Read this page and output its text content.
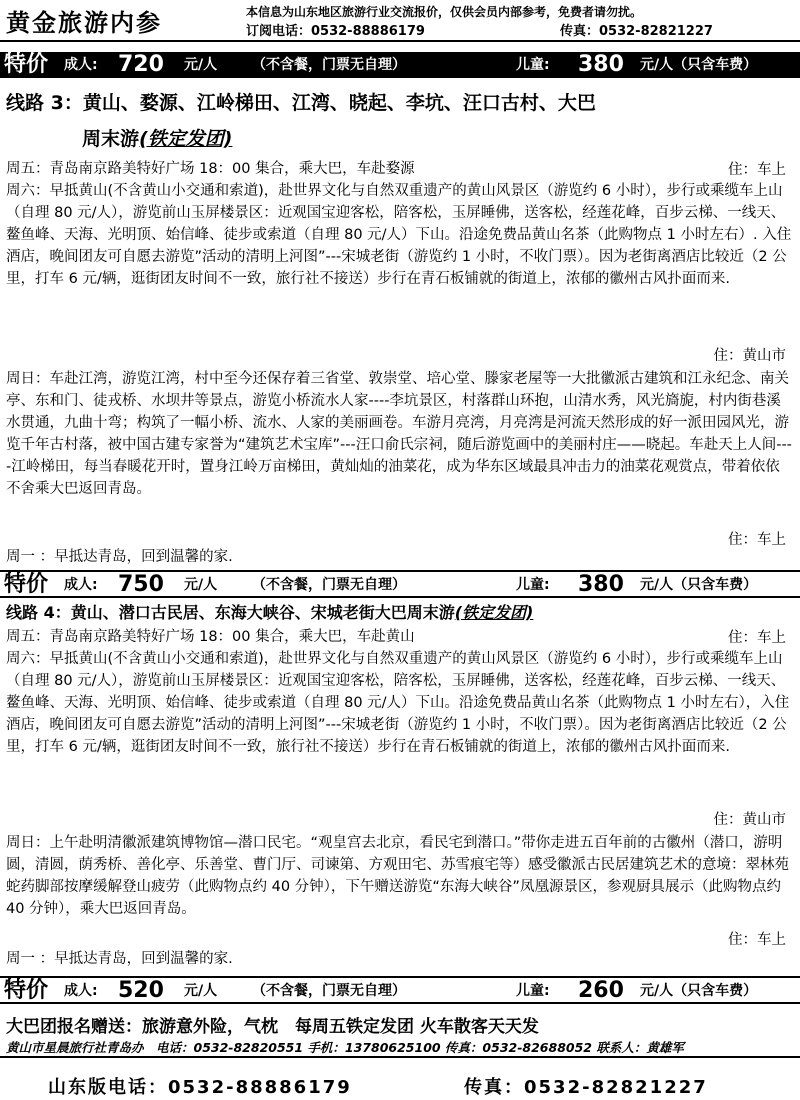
黄金旅游内参	本信息为山东地区旅游行业交流报价，仅供会员内部参考，免费者请勿扰。
订阅电话：0532-88886179	传真：0532-82821227
特价 成人: 720 元/人 （不含餐，门票无自理）	儿童: 380 元/人（只含车费）
线路 3：黄山、婺源、江岭梯田、江湾、晓起、李坑、汪口古村、大巴
周末游(铁定发团)
周五：青岛南京路美特好广场 18：00 集合，乘大巴，车赴婺源	住：车上
周六：早抵黄山(不含黄山小交通和索道)，赴世界文化与自然双重遗产的黄山风景区（游览约 6 小时），步行或乘缆车上山（自理 80 元/人），游览前山玉屏楼景区：近观国宝迎客松，陪客松，玉屏睡佛，送客松，经莲花峰，百步云梯、一线天、鳌鱼峰、天海、光明顶、始信峰、徒步或索道（自理 80 元/人）下山。沿途免费品黄山名茶（此购物点 1 小时左右）. 入住酒店，晚间团友可自愿去游览”活动的清明上河图”---宋城老街（游览约 1 小时，不收门票）。因为老街离酒店比较近（2 公里，打车 6 元/辆，逛街团友时间不一致，旅行社不接送）步行在青石板铺就的街道上，浓郁的徽州古风扑面而来.
住：黄山市
周日：车赴江湾，游览江湾，村中至今还保存着三省堂、敦崇堂、培心堂、滕家老屋等一大批徽派古建筑和江永纪念、南关亭、东和门、徒戎桥、水坝井等景点，游览小桥流水人家----李坑景区，村落群山环抱，山清水秀，风光旖旎，村内街巷溪水贯通，九曲十弯；构筑了一幅小桥、流水、人家的美丽画卷。车游月亮湾，月亮湾是河流天然形成的好一派田园风光，游览千年古村落，被中国古建专家誉为“建筑艺术宝库”---汪口俞氏宗祠，随后游览画中的美丽村庄——晓起。车赴天上人间----江岭梯田，每当春暖花开时，置身江岭万亩梯田，黄灿灿的油菜花，成为华东区域最具冲击力的油菜花观赏点，带着依依不舍乘大巴返回青岛。
住：车上
周一 ：早抵达青岛，回到温馨的家.
特价 成人: 750 元/人 （不含餐，门票无自理）	儿童: 380 元/人（只含车费）
线路 4：黄山、潜口古民居、东海大峡谷、宋城老街大巴周末游(铁定发团)
周五：青岛南京路美特好广场 18：00 集合，乘大巴，车赴黄山	住：车上
周六：早抵黄山(不含黄山小交通和索道)，赴世界文化与自然双重遗产的黄山风景区（游览约 6 小时），步行或乘缆车上山（自理 80 元/人），游览前山玉屏楼景区：近观国宝迎客松，陪客松，玉屏睡佛，送客松，经莲花峰，百步云梯、一线天、鳌鱼峰、天海、光明顶、始信峰、徒步或索道（自理 80 元/人）下山。沿途免费品黄山名茶（此购物点 1 小时左右），入住酒店，晚间团友可自愿去游览”活动的清明上河图”---宋城老街（游览约 1 小时，不收门票）。因为老街离酒店比较近（2 公里，打车 6 元/辆，逛街团友时间不一致，旅行社不接送）步行在青石板铺就的街道上，浓郁的徽州古风扑面而来.
住：黄山市
周日：上午赴明清徽派建筑博物馆—潜口民宅。“观皇宫去北京，看民宅到潜口。”带你走进五百年前的古徽州（潜口，游明圆，清圆，荫秀桥、善化亭、乐善堂、曹门厅、司谏第、方观田宅、苏雪痕宅等）感受徽派古民居建筑艺术的意境：翠林苑蛇药脚部按摩缓解登山疲劳（此购物点约 40 分钟），下午赠送游览“东海大峡谷”凤凰源景区，参观厨具展示（此购物点约 40 分钟），乘大巴返回青岛。
住：车上
周一 ：早抵达青岛，回到温馨的家.
特价 成人: 520 元/人 （不含餐，门票无自理）	儿童: 260 元/人（只含车费）
大巴团报名赠送：旅游意外险，气枕　每周五铁定发团 火车散客天天发
黄山市星晨旅行社青岛办　电话：0532-82820551 手机：13780625100 传真：0532-82688052 联系人：黄雄军
山东版电话：0532-88886179	传真：0532-82821227
